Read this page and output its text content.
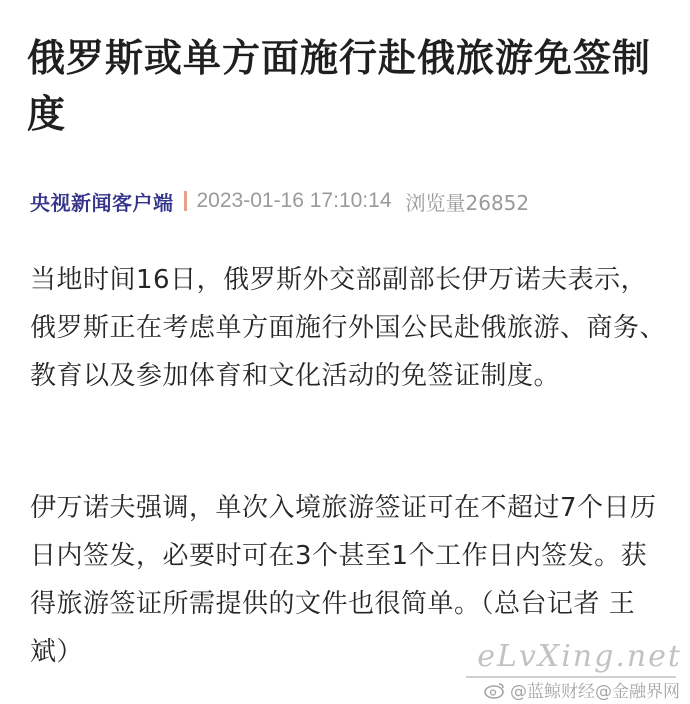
俄罗斯或单方面施行赴俄旅游免签制度
央视新闻客户端 2023-01-16 17:10:14 浏览量26852

当地时间16日，俄罗斯外交部副部长伊万诺夫表示，俄罗斯正在考虑单方面施行外国公民赴俄旅游、商务、教育以及参加体育和文化活动的免签证制度。

伊万诺夫强调，单次入境旅游签证可在不超过7个日历日内签发，必要时可在3个甚至1个工作日内签发。获得旅游签证所需提供的文件也很简单。（总台记者 王斌）	eLvXing.net
@蓝鲸财经@金融界网
